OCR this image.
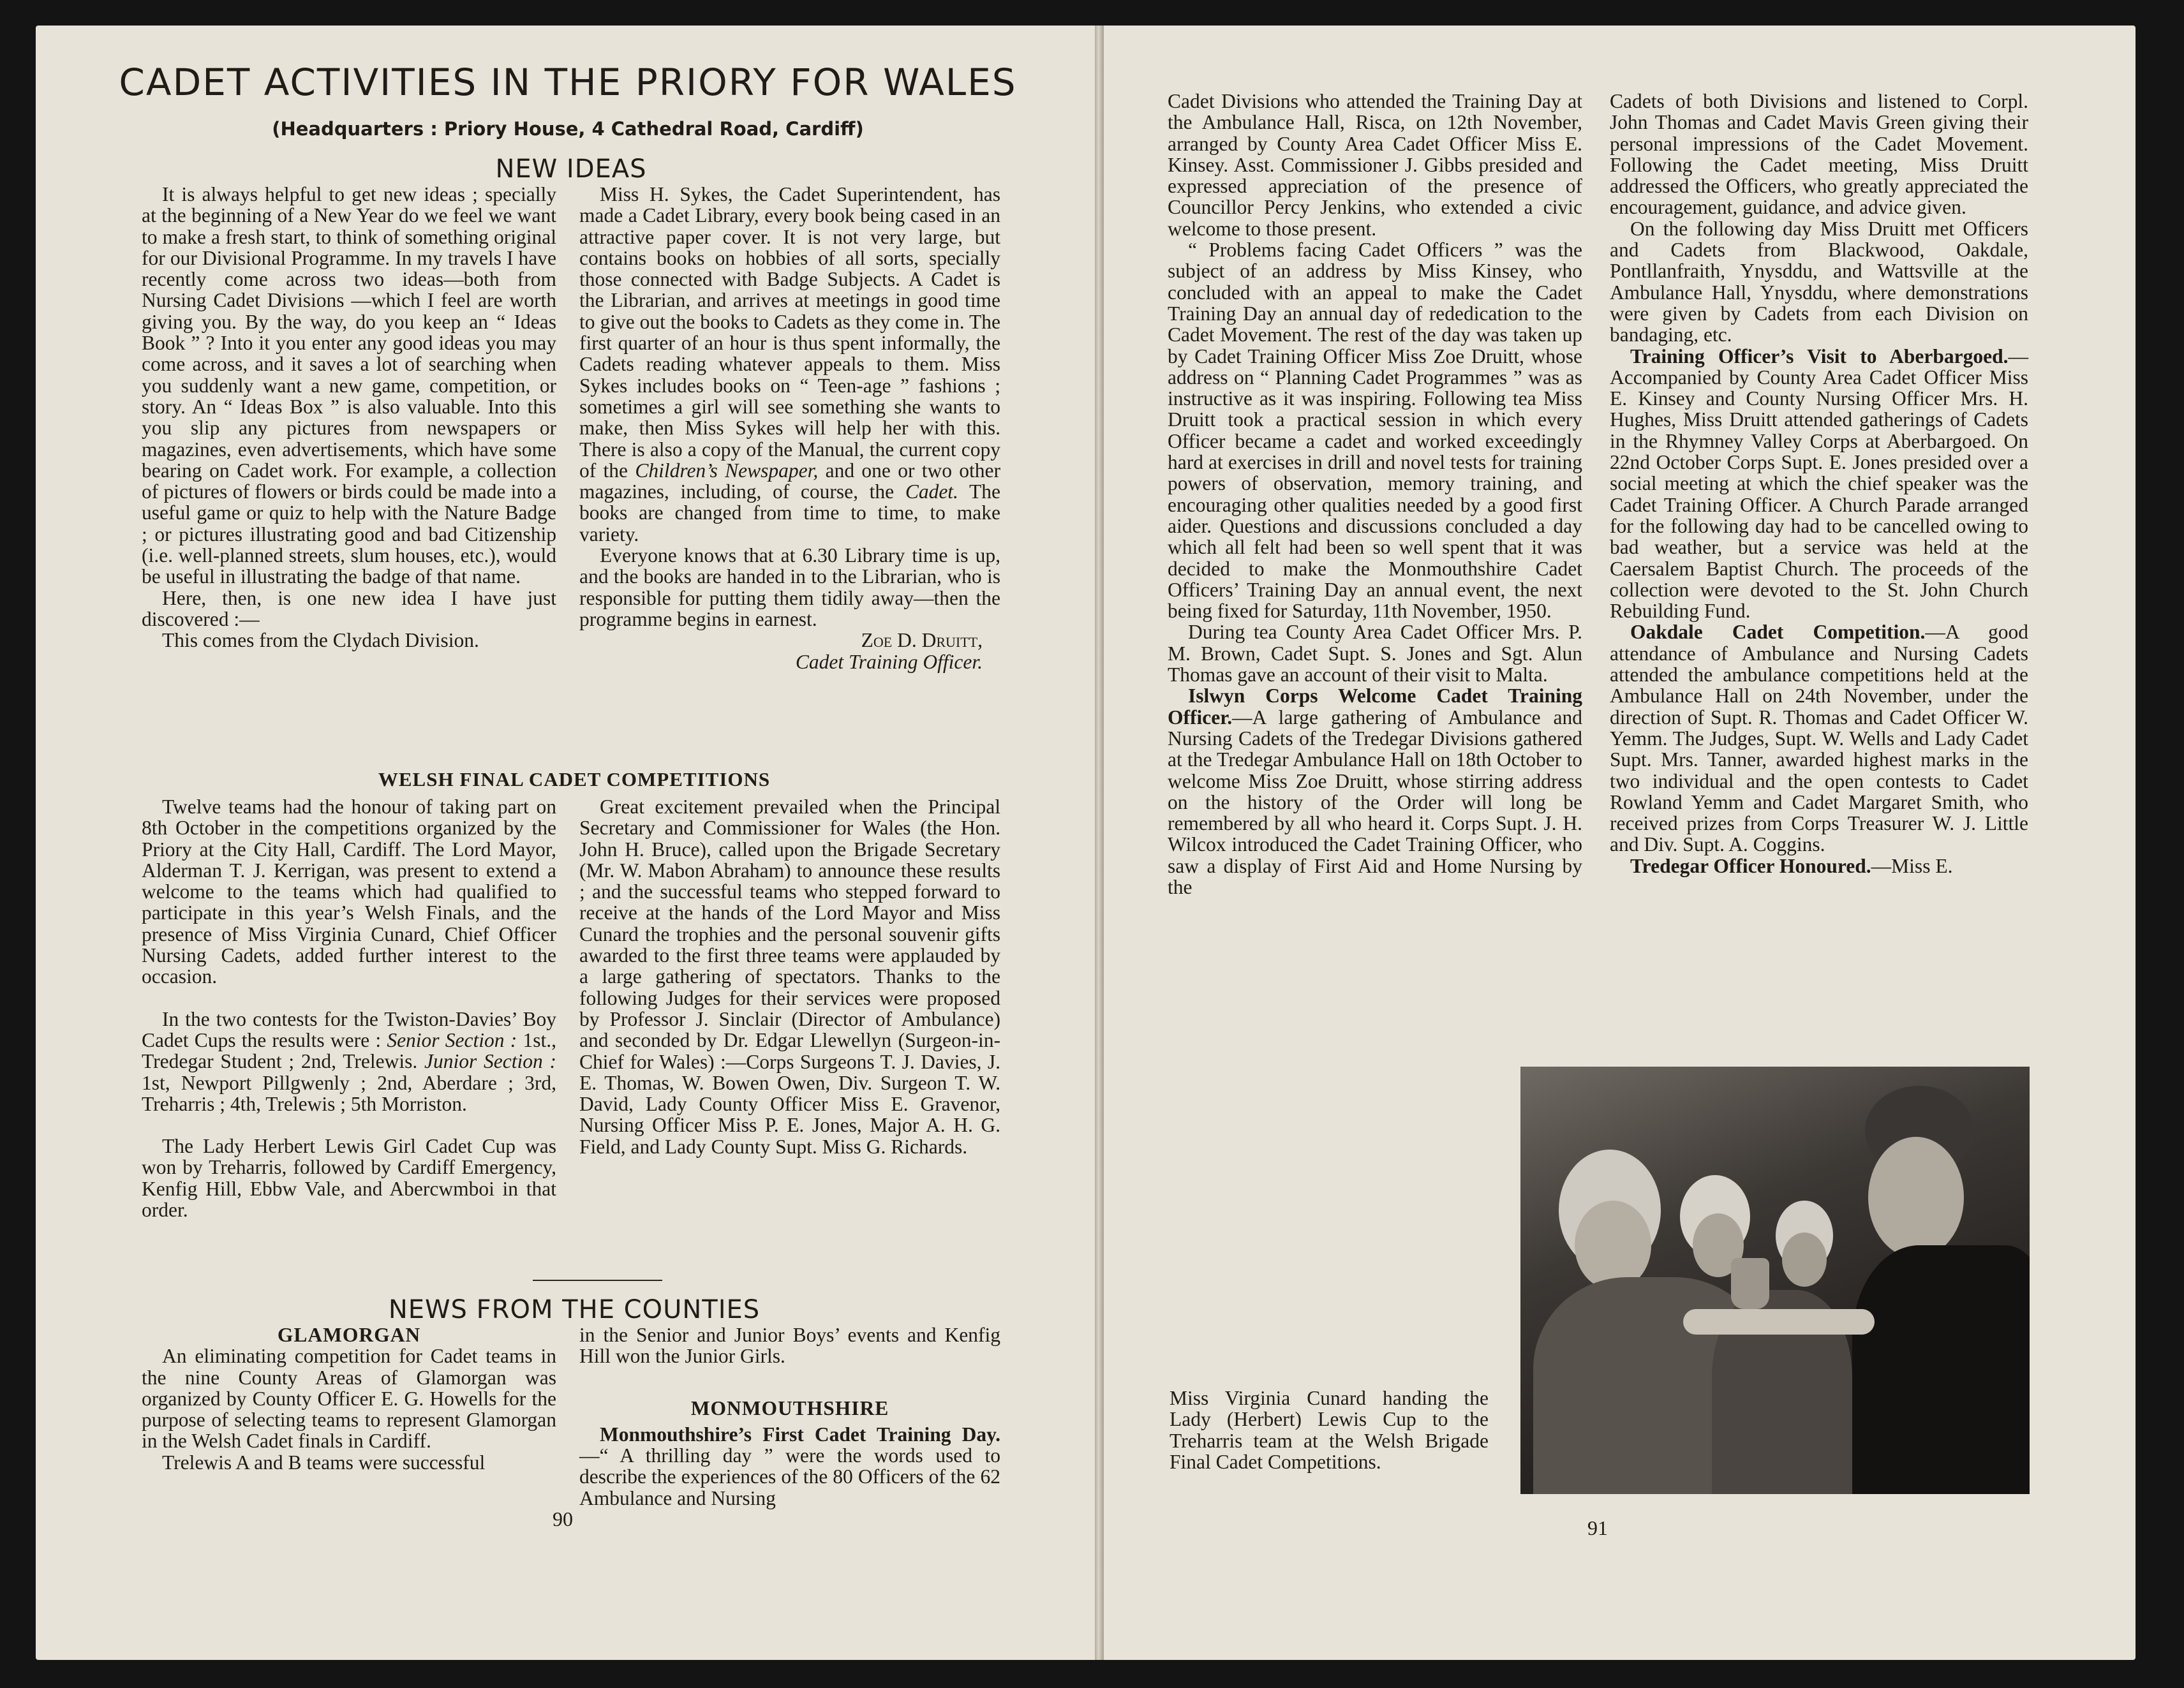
CADET ACTIVITIES IN THE PRIORY FOR WALES
(Headquarters : Priory House, 4 Cathedral Road, Cardiff)
NEW IDEAS

It is always helpful to get new ideas ; specially at the beginning of a New Year do we feel we want to make a fresh start, to think of something original for our Divisional Programme. In my travels I have recently come across two ideas—both from Nursing Cadet Divisions —which I feel are worth giving you. By the way, do you keep an “ Ideas Book ” ? Into it you enter any good ideas you may come across, and it saves a lot of searching when you suddenly want a new game, competition, or story. An “ Ideas Box ” is also valuable. Into this you slip any pictures from newspapers or magazines, even advertisements, which have some bearing on Cadet work. For example, a collection of pictures of flowers or birds could be made into a useful game or quiz to help with the Nature Badge ; or pictures illustrating good and bad Citizenship (i.e. well-planned streets, slum houses, etc.), would be useful in illustrating the badge of that name.

Here, then, is one new idea I have just discovered :—

This comes from the Clydach Division.

Miss H. Sykes, the Cadet Superintendent, has made a Cadet Library, every book being cased in an attractive paper cover. It is not very large, but contains books on hobbies of all sorts, specially those connected with Badge Subjects. A Cadet is the Librarian, and arrives at meetings in good time to give out the books to Cadets as they come in. The first quarter of an hour is thus spent informally, the Cadets reading whatever appeals to them. Miss Sykes includes books on “ Teen-age ” fashions ; sometimes a girl will see something she wants to make, then Miss Sykes will help her with this. There is also a copy of the Manual, the current copy of the Children’s Newspaper, and one or two other magazines, including, of course, the Cadet. The books are changed from time to time, to make variety.

Everyone knows that at 6.30 Library time is up, and the books are handed in to the Librarian, who is responsible for putting them tidily away—then the programme begins in earnest.

Zoe D. Druitt,

Cadet Training Officer.

WELSH FINAL CADET COMPETITIONS

Twelve teams had the honour of taking part on 8th October in the competitions organized by the Priory at the City Hall, Cardiff. The Lord Mayor, Alderman T. J. Kerrigan, was present to extend a welcome to the teams which had qualified to participate in this year’s Welsh Finals, and the presence of Miss Virginia Cunard, Chief Officer Nursing Cadets, added further interest to the occasion.

In the two contests for the Twiston-Davies’ Boy Cadet Cups the results were : Senior Section : 1st., Tredegar Student ; 2nd, Trelewis. Junior Section : 1st, Newport Pillgwenly ; 2nd, Aberdare ; 3rd, Treharris ; 4th, Trelewis ; 5th Morriston.

The Lady Herbert Lewis Girl Cadet Cup was won by Treharris, followed by Cardiff Emergency, Kenfig Hill, Ebbw Vale, and Abercwmboi in that order.

Great excitement prevailed when the Principal Secretary and Commissioner for Wales (the Hon. John H. Bruce), called upon the Brigade Secretary (Mr. W. Mabon Abraham) to announce these results ; and the successful teams who stepped forward to receive at the hands of the Lord Mayor and Miss Cunard the trophies and the personal souvenir gifts awarded to the first three teams were applauded by a large gathering of spectators. Thanks to the following Judges for their services were proposed by Professor J. Sinclair (Director of Ambulance) and seconded by Dr. Edgar Llewellyn (Surgeon-in-Chief for Wales) :—Corps Surgeons T. J. Davies, J. E. Thomas, W. Bowen Owen, Div. Surgeon T. W. David, Lady County Officer Miss E. Gravenor, Nursing Officer Miss P. E. Jones, Major A. H. G. Field, and Lady County Supt. Miss G. Richards.

NEWS FROM THE COUNTIES

GLAMORGAN

An eliminating competition for Cadet teams in the nine County Areas of Glamorgan was organized by County Officer E. G. Howells for the purpose of selecting teams to represent Glamorgan in the Welsh Cadet finals in Cardiff.

Trelewis A and B teams were successful

in the Senior and Junior Boys’ events and Kenfig Hill won the Junior Girls.

MONMOUTHSHIRE

Monmouthshire’s First Cadet Training Day.—“ A thrilling day ” were the words used to describe the experiences of the 80 Officers of the 62 Ambulance and Nursing

90

Cadet Divisions who attended the Training Day at the Ambulance Hall, Risca, on 12th November, arranged by County Area Cadet Officer Miss E. Kinsey. Asst. Commissioner J. Gibbs presided and expressed appreciation of the presence of Councillor Percy Jenkins, who extended a civic welcome to those present.

“ Problems facing Cadet Officers ” was the subject of an address by Miss Kinsey, who concluded with an appeal to make the Cadet Training Day an annual day of rededication to the Cadet Movement. The rest of the day was taken up by Cadet Training Officer Miss Zoe Druitt, whose address on “ Planning Cadet Programmes ” was as instructive as it was inspiring. Following tea Miss Druitt took a practical session in which every Officer became a cadet and worked exceedingly hard at exercises in drill and novel tests for training powers of observation, memory training, and encouraging other qualities needed by a good first aider. Questions and discussions concluded a day which all felt had been so well spent that it was decided to make the Monmouthshire Cadet Officers’ Training Day an annual event, the next being fixed for Saturday, 11th November, 1950.

During tea County Area Cadet Officer Mrs. P. M. Brown, Cadet Supt. S. Jones and Sgt. Alun Thomas gave an account of their visit to Malta.

Islwyn Corps Welcome Cadet Training Officer.—A large gathering of Ambulance and Nursing Cadets of the Tredegar Divisions gathered at the Tredegar Ambulance Hall on 18th October to welcome Miss Zoe Druitt, whose stirring address on the history of the Order will long be remembered by all who heard it. Corps Supt. J. H. Wilcox introduced the Cadet Training Officer, who saw a display of First Aid and Home Nursing by the

Cadets of both Divisions and listened to Corpl. John Thomas and Cadet Mavis Green giving their personal impressions of the Cadet Movement. Following the Cadet meeting, Miss Druitt addressed the Officers, who greatly appreciated the encouragement, guidance, and advice given.

On the following day Miss Druitt met Officers and Cadets from Blackwood, Oakdale, Pontllanfraith, Ynysddu, and Wattsville at the Ambulance Hall, Ynysddu, where demonstrations were given by Cadets from each Division on bandaging, etc.

Training Officer’s Visit to Aberbargoed.—Accompanied by County Area Cadet Officer Miss E. Kinsey and County Nursing Officer Mrs. H. Hughes, Miss Druitt attended gatherings of Cadets in the Rhymney Valley Corps at Aberbargoed. On 22nd October Corps Supt. E. Jones presided over a social meeting at which the chief speaker was the Cadet Training Officer. A Church Parade arranged for the following day had to be cancelled owing to bad weather, but a service was held at the Caersalem Baptist Church. The proceeds of the collection were devoted to the St. John Church Rebuilding Fund.

Oakdale Cadet Competition.—A good attendance of Ambulance and Nursing Cadets attended the ambulance competitions held at the Ambulance Hall on 24th November, under the direction of Supt. R. Thomas and Cadet Officer W. Yemm. The Judges, Supt. W. Wells and Lady Cadet Supt. Mrs. Tanner, awarded highest marks in the two individual and the open contests to Cadet Rowland Yemm and Cadet Margaret Smith, who received prizes from Corps Treasurer W. J. Little and Div. Supt. A. Coggins.

Tredegar Officer Honoured.—Miss E.

Miss Virginia Cunard handing the Lady (Herbert) Lewis Cup to the Treharris team at the Welsh Brigade Final Cadet Competitions.
91
